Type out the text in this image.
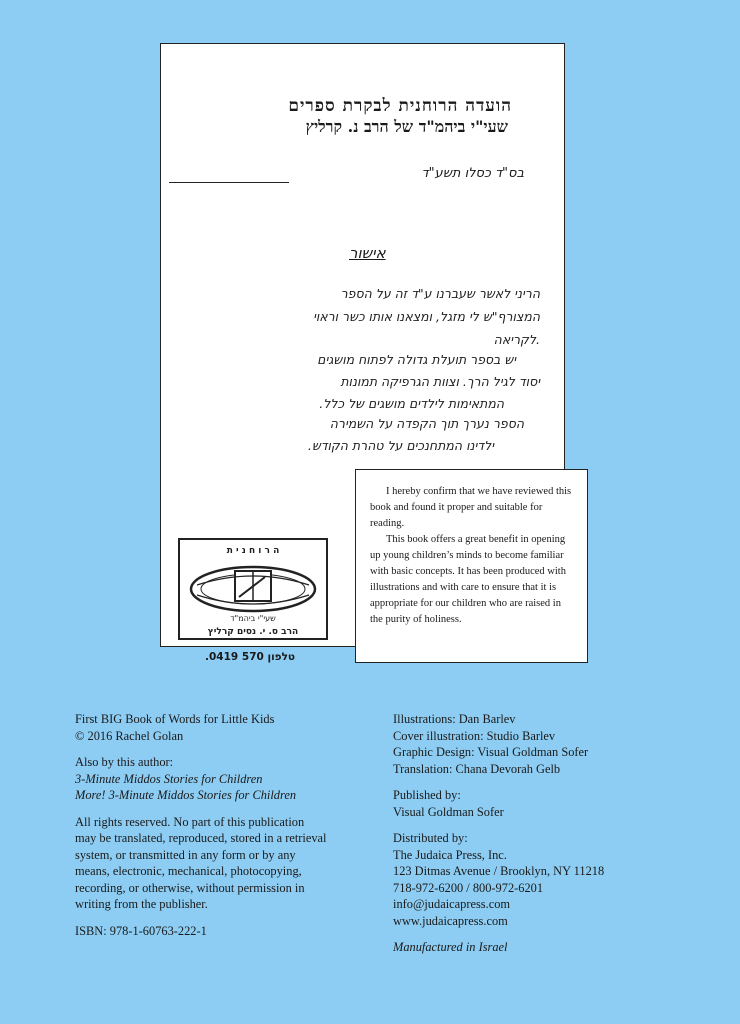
הועדה הרוחנית לבקרת ספרים
שעי"י ביהמ"ד של הרב נ. קרליץ
בס"ד כסלו תשע"ד
אישור
הריני לאשר שעברנו ע"ד זה על הספר
המצורף"ש לי מזגל, ומצאנו אותו כשר וראוי
.לקריאה
יש בספר תועלת גדולה לפתוח מושגים
יסוד לגיל הרך. וצוות הגרפיקה תמונות
המתאימות לילדים מושגים של כלל.
הספר נערך תוך הקפדה על השמירה
ילדינו המתחנכים על טהרת הקודש.
ה ר ו ח נ י ת
שעי"י ביהמ"ד
הרב ס. י. נסים קרליץ
טלפון 570 0419.

I hereby confirm that we have reviewed this book and found it proper and suitable for reading.

This book offers a great benefit in opening up young children’s minds to become familiar with basic concepts. It has been produced with illustrations and with care to ensure that it is appropriate for our children who are raised in the purity of holiness.

First BIG Book of Words for Little Kids

© 2016 Rachel Golan

Also by this author:

3-Minute Middos Stories for Children

More! 3-Minute Middos Stories for Children

All rights reserved. No part of this publication

may be translated, reproduced, stored in a retrieval

system, or transmitted in any form or by any

means, electronic, mechanical, photocopying,

recording, or otherwise, without permission in

writing from the publisher.

ISBN: 978-1-60763-222-1

Illustrations: Dan Barlev

Cover illustration: Studio Barlev

Graphic Design: Visual Goldman Sofer

Translation: Chana Devorah Gelb

Published by:

Visual Goldman Sofer

Distributed by:

The Judaica Press, Inc.

123 Ditmas Avenue / Brooklyn, NY 11218

718-972-6200 / 800-972-6201

info@judaicapress.com

www.judaicapress.com

Manufactured in Israel
